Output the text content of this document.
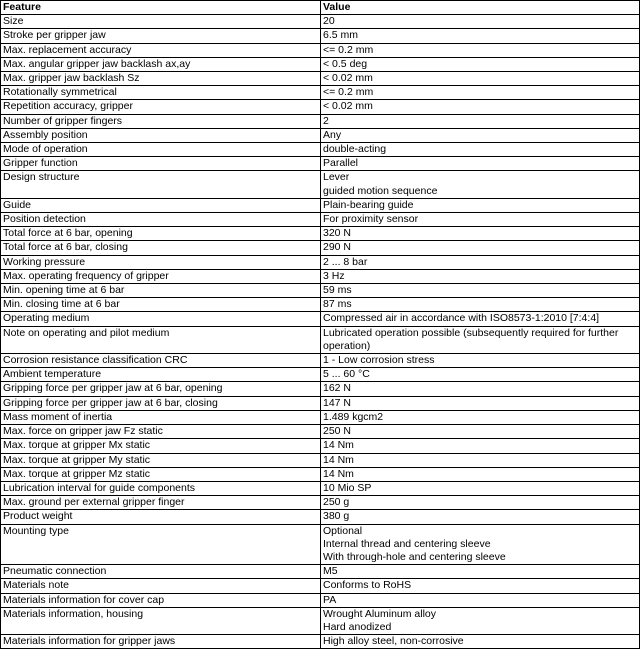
Feature	Value
Size	20

Stroke per gripper jaw	6.5 mm

Max. replacement accuracy	<= 0.2 mm

Max. angular gripper jaw backlash ax,ay	< 0.5 deg

Max. gripper jaw backlash Sz	< 0.02 mm

Rotationally symmetrical	<= 0.2 mm

Repetition accuracy, gripper	< 0.02 mm

Number of gripper fingers	2

Assembly position	Any

Mode of operation	double-acting

Gripper function	Parallel

Design structure	Lever
guided motion sequence

Guide	Plain-bearing guide

Position detection	For proximity sensor

Total force at 6 bar, opening	320 N

Total force at 6 bar, closing	290 N

Working pressure	2 ... 8 bar

Max. operating frequency of gripper	3 Hz

Min. opening time at 6 bar	59 ms

Min. closing time at 6 bar	87 ms

Operating medium	Compressed air in accordance with ISO8573-1:2010 [7:4:4]

Note on operating and pilot medium	Lubricated operation possible (subsequently required for further operation)

Corrosion resistance classification CRC	1 - Low corrosion stress

Ambient temperature	5 ... 60 °C

Gripping force per gripper jaw at 6 bar, opening	162 N

Gripping force per gripper jaw at 6 bar, closing	147 N

Mass moment of inertia	1.489 kgcm2

Max. force on gripper jaw Fz static	250 N

Max. torque at gripper Mx static	14 Nm

Max. torque at gripper My static	14 Nm

Max. torque at gripper Mz static	14 Nm

Lubrication interval for guide components	10 Mio SP

Max. ground per external gripper finger	250 g

Product weight	380 g

Mounting type	Optional
Internal thread and centering sleeve
With through-hole and centering sleeve

Pneumatic connection	M5

Materials note	Conforms to RoHS

Materials information for cover cap	PA

Materials information, housing	Wrought Aluminum alloy
Hard anodized

Materials information for gripper jaws	High alloy steel, non-corrosive
